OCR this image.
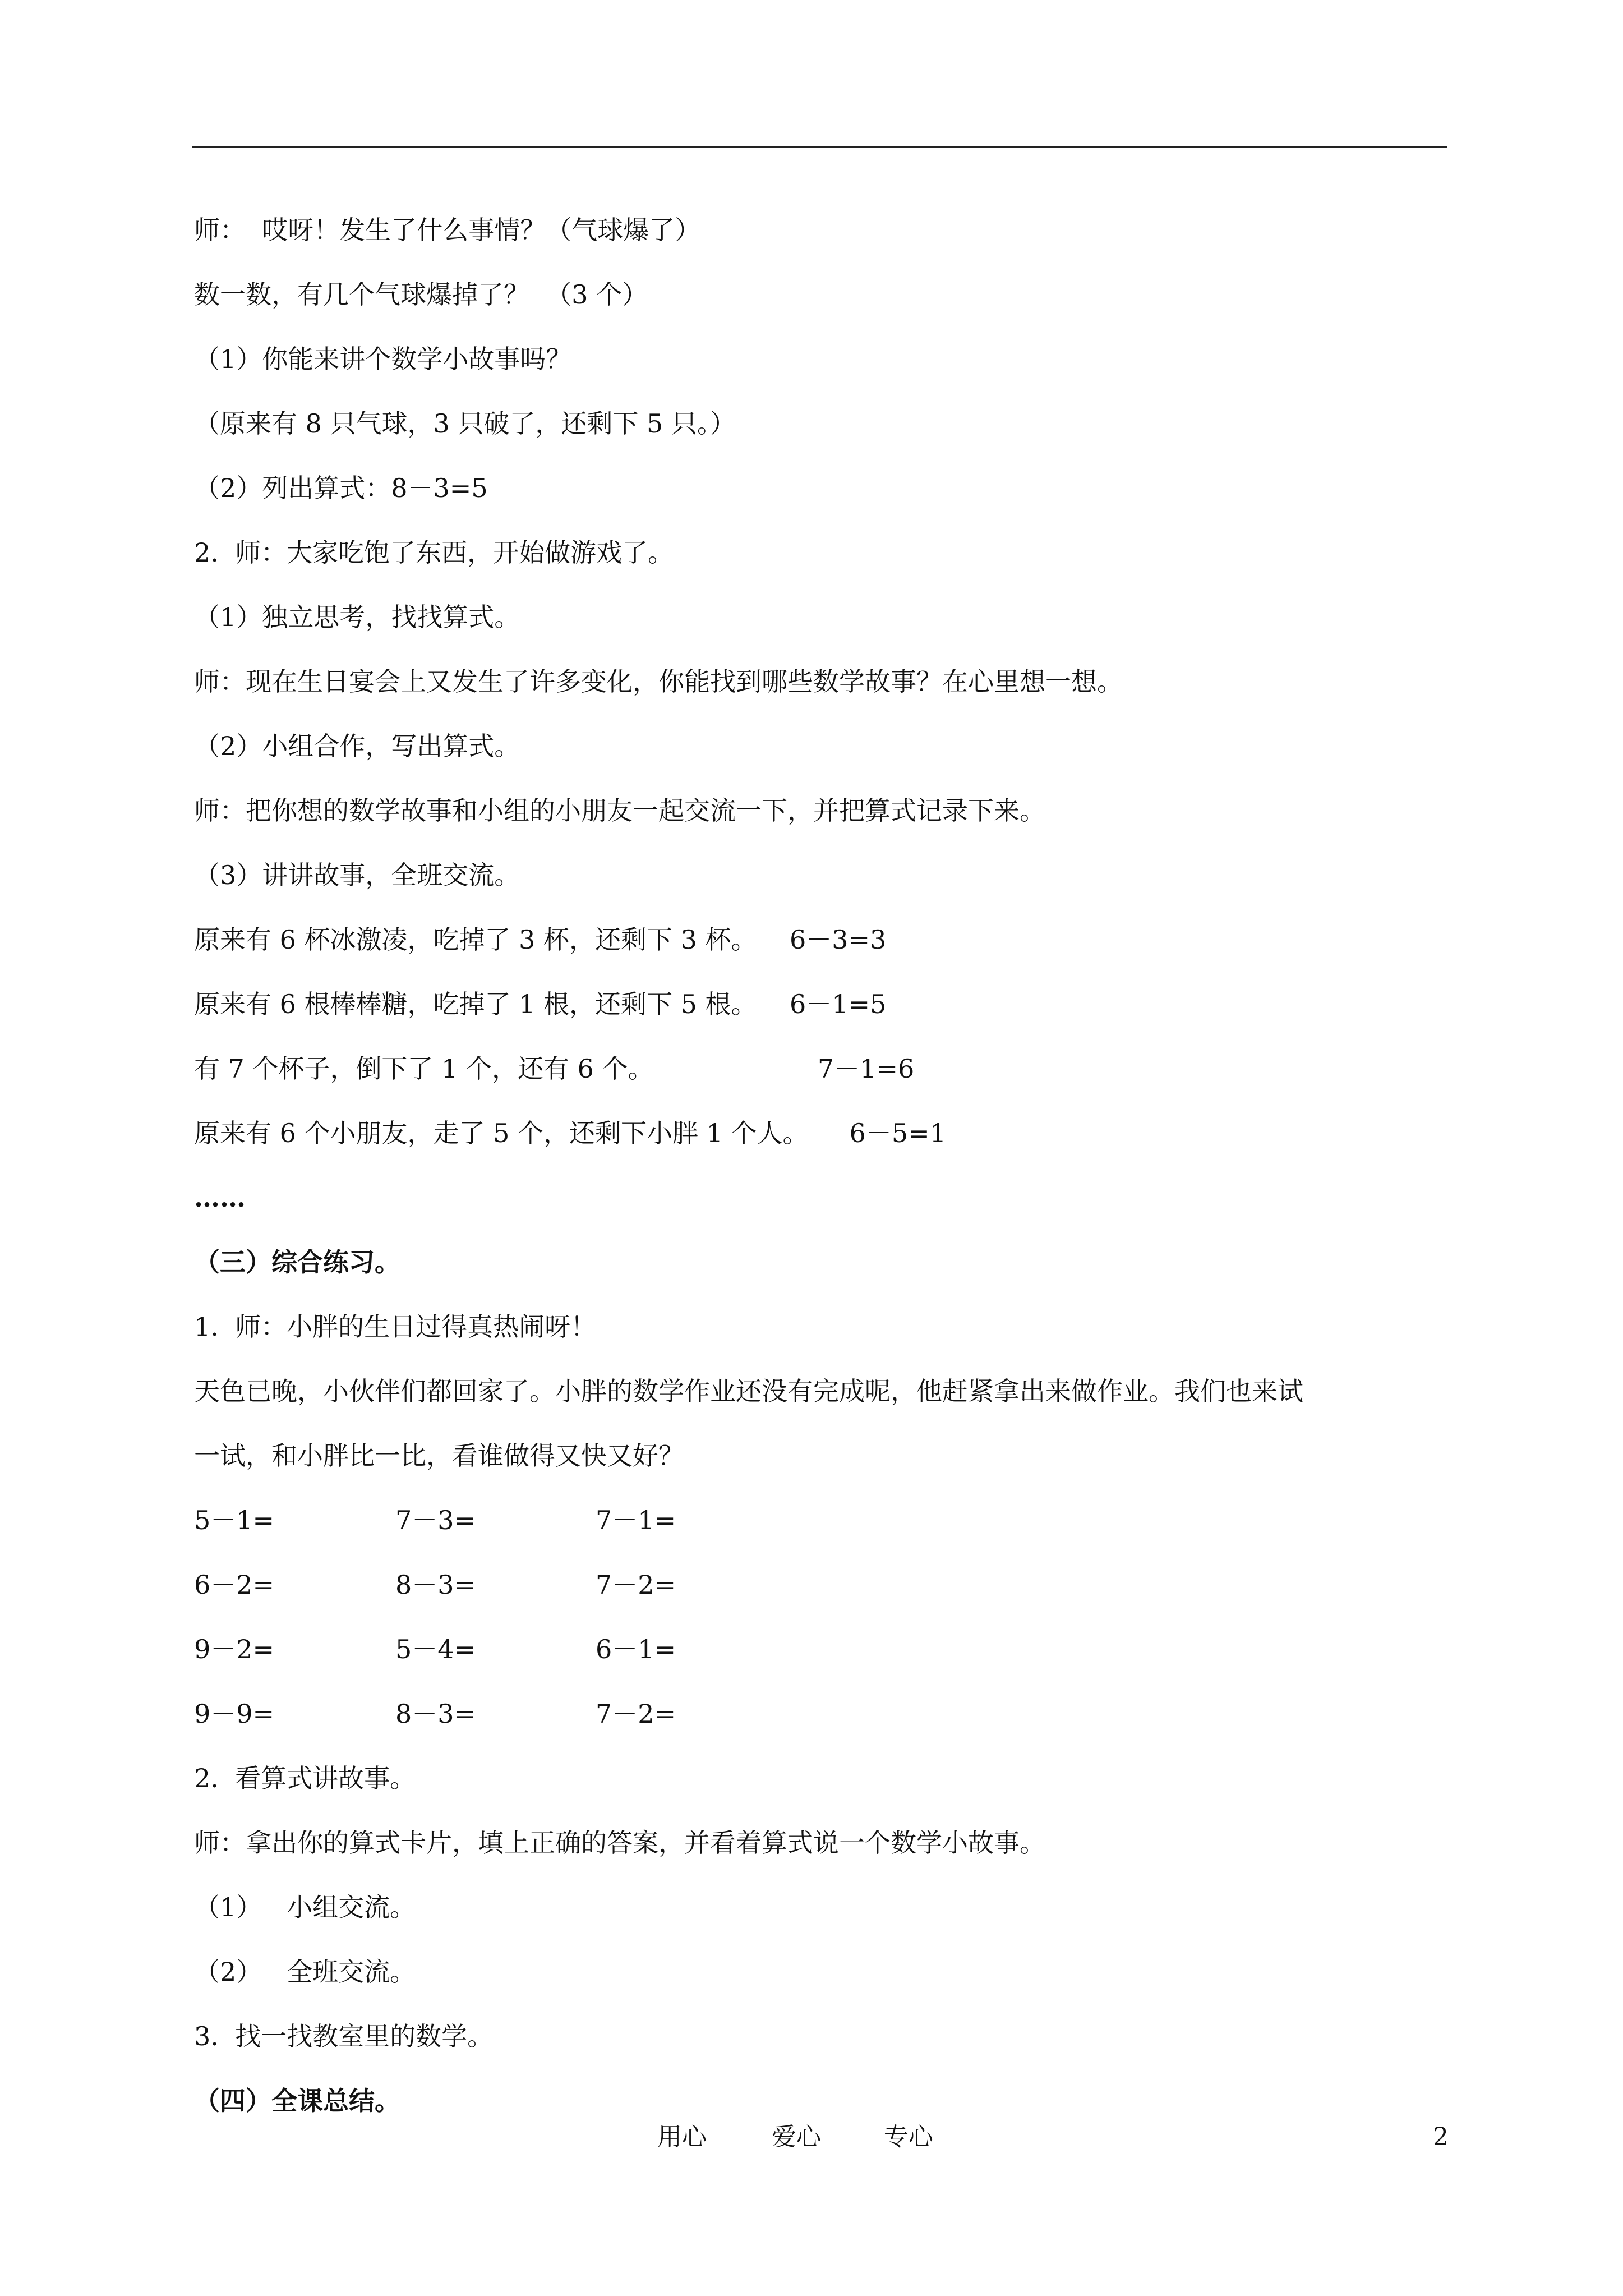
师：  哎呀！发生了什么事情？（气球爆了）
数一数，有几个气球爆掉了？  （3 个）
（1）你能来讲个数学小故事吗？
（原来有 8 只气球，3 只破了，还剩下 5 只。）
（2）列出算式：8－3=5
2.  师：大家吃饱了东西，开始做游戏了。
（1）独立思考，找找算式。
师：现在生日宴会上又发生了许多变化，你能找到哪些数学故事？在心里想一想。
（2）小组合作，写出算式。
师：把你想的数学故事和小组的小朋友一起交流一下，并把算式记录下来。
（3）讲讲故事，全班交流。
原来有 6 杯冰激凌，吃掉了 3 杯，还剩下 3 杯。    6－3=3
原来有 6 根棒棒糖，吃掉了 1 根，还剩下 5 根。    6－1=5
有 7 个杯子，倒下了 1 个，还有 6 个。                    7－1=6
原来有 6 个小朋友，走了 5 个，还剩下小胖 1 个人。     6－5=1
……
（三）综合练习。
1.  师：小胖的生日过得真热闹呀！
天色已晚，小伙伴们都回家了。小胖的数学作业还没有完成呢，他赶紧拿出来做作业。我们也来试
一试，和小胖比一比，看谁做得又快又好？
5－1=	7－3=	7－1=
6－2=	8－3=	7－2=
9－2=	5－4=	6－1=
9－9=	8－3=	7－2=
2.  看算式讲故事。
师：拿出你的算式卡片，填上正确的答案，并看着算式说一个数学小故事。
（1）   小组交流。
（2）   全班交流。
3.  找一找教室里的数学。
（四）全课总结。
用心	爱心	专心	2
